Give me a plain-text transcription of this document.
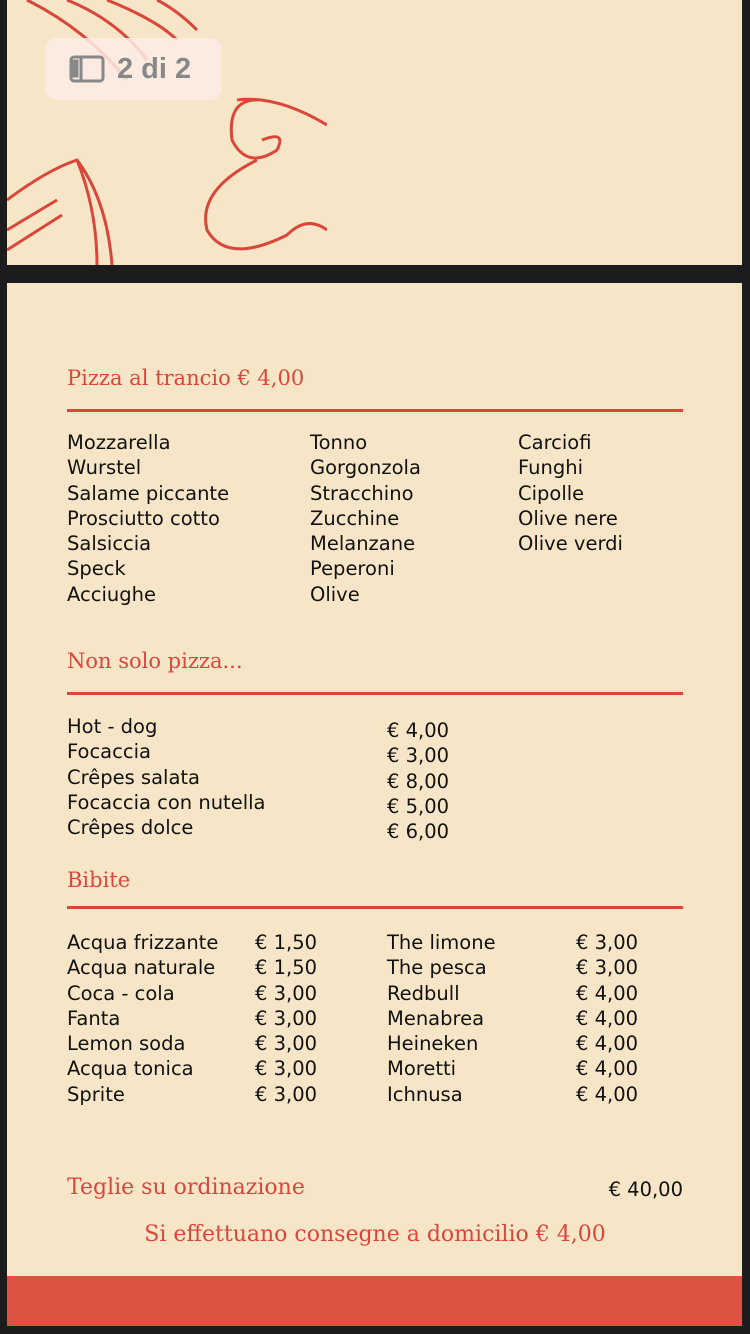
2 di 2
Pizza al trancio € 4,00
Mozzarella
Wurstel
Salame piccante
Prosciutto cotto
Salsiccia
Speck
Acciughe
Tonno
Gorgonzola
Stracchino
Zucchine
Melanzane
Peperoni
Olive
Carciofi
Funghi
Cipolle
Olive nere
Olive verdi
Non solo pizza...
Hot - dog
Focaccia
Crêpes salata
Focaccia con nutella
Crêpes dolce
€ 4,00
€ 3,00
€ 8,00
€ 5,00
€ 6,00
Bibite
Acqua frizzante
Acqua naturale
Coca - cola
Fanta
Lemon soda
Acqua tonica
Sprite
€ 1,50
€ 1,50
€ 3,00
€ 3,00
€ 3,00
€ 3,00
€ 3,00
The limone
The pesca
Redbull
Menabrea
Heineken
Moretti
Ichnusa
€ 3,00
€ 3,00
€ 4,00
€ 4,00
€ 4,00
€ 4,00
€ 4,00
Teglie su ordinazione	€ 40,00
Si effettuano consegne a domicilio € 4,00
